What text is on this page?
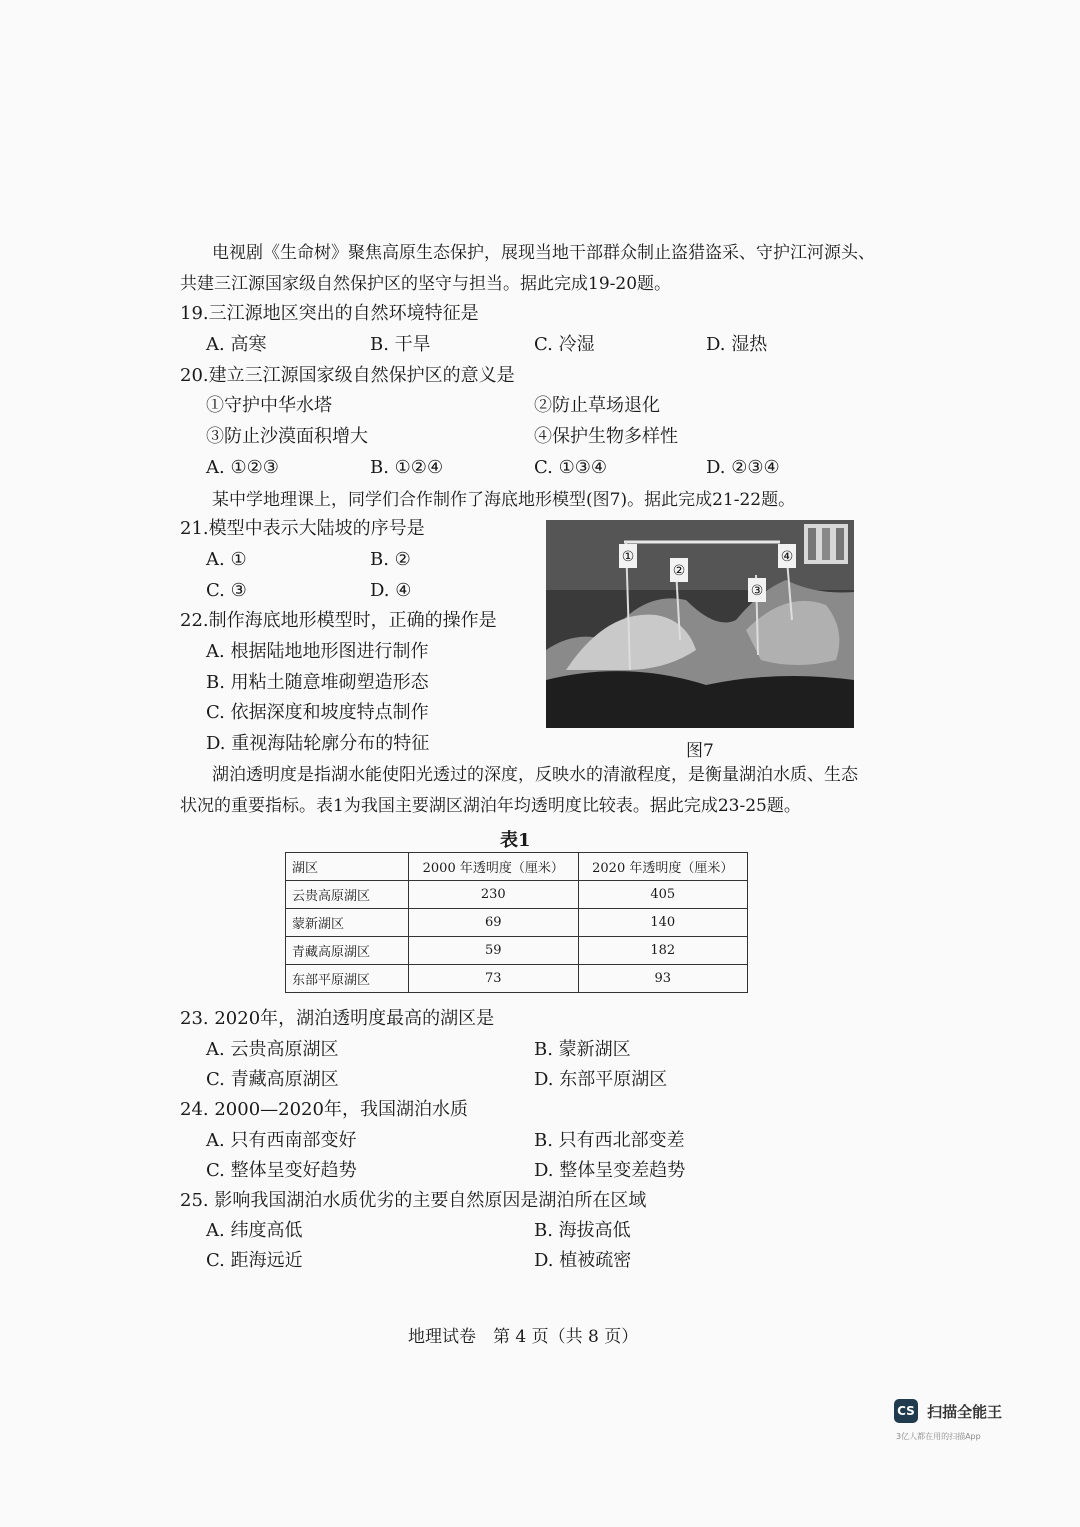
电视剧《生命树》聚焦高原生态保护，展现当地干部群众制止盗猎盗采、守护江河源头、
共建三江源国家级自然保护区的坚守与担当。据此完成19-20题。
19.三江源地区突出的自然环境特征是
A. 高寒	B. 干旱	C. 冷湿	D. 湿热
20.建立三江源国家级自然保护区的意义是
①守护中华水塔	②防止草场退化
③防止沙漠面积增大	④保护生物多样性
A. ①②③	B. ①②④	C. ①③④	D. ②③④
某中学地理课上，同学们合作制作了海底地形模型(图7)。据此完成21-22题。
21.模型中表示大陆坡的序号是
A. ①	B. ②
C. ③	D. ④
22.制作海底地形模型时，正确的操作是
A. 根据陆地地形图进行制作
B. 用粘土随意堆砌塑造形态
C. 依据深度和坡度特点制作
D. 重视海陆轮廓分布的特征
①
②
③
④
图7
湖泊透明度是指湖水能使阳光透过的深度，反映水的清澈程度，是衡量湖泊水质、生态
状况的重要指标。表1为我国主要湖区湖泊年均透明度比较表。据此完成23-25题。
表1
湖区	2000 年透明度（厘米）	2020 年透明度（厘米）
云贵高原湖区	230	405
蒙新湖区	69	140
青藏高原湖区	59	182
东部平原湖区	73	93
23. 2020年，湖泊透明度最高的湖区是
A. 云贵高原湖区	B. 蒙新湖区
C. 青藏高原湖区	D. 东部平原湖区
24. 2000—2020年，我国湖泊水质
A. 只有西南部变好	B. 只有西北部变差
C. 整体呈变好趋势	D. 整体呈变差趋势
25. 影响我国湖泊水质优劣的主要自然原因是湖泊所在区域
A. 纬度高低	B. 海拔高低
C. 距海远近	D. 植被疏密
地理试卷　第 4 页（共 8 页）
CS 扫描全能王
3亿人都在用的扫描App
